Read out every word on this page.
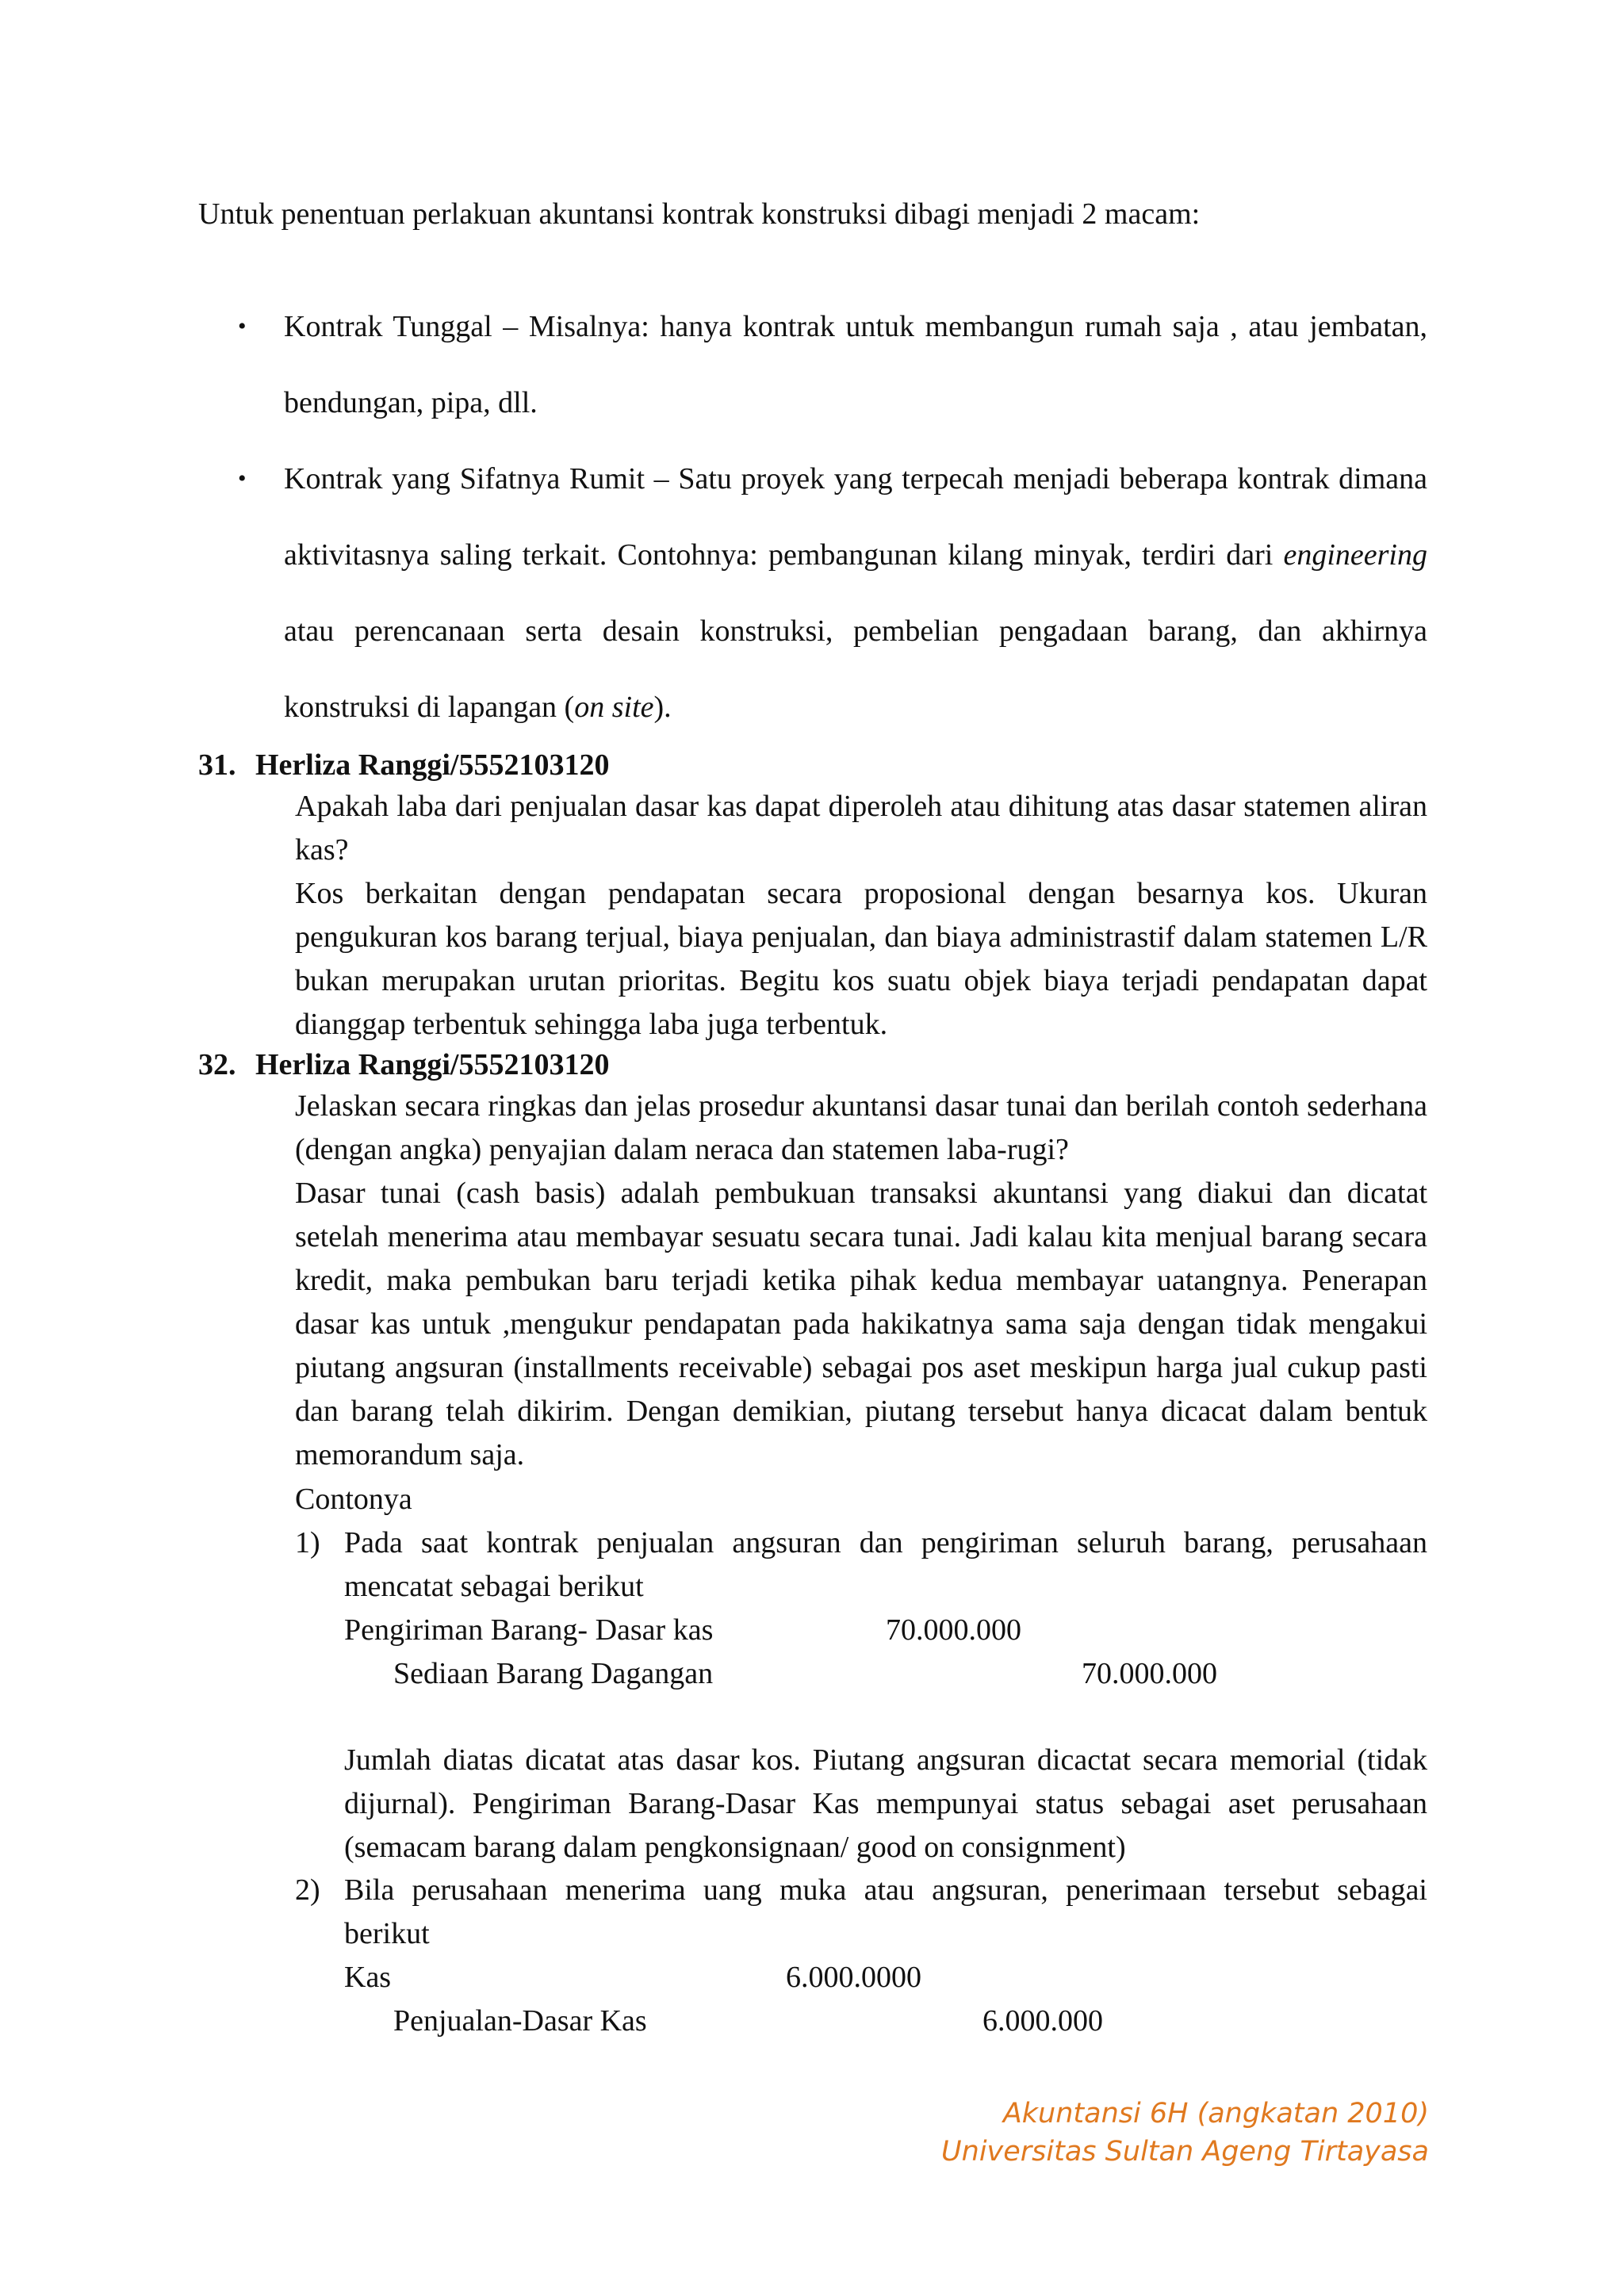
Untuk penentuan perlakuan akuntansi kontrak konstruksi dibagi menjadi 2 macam:
• Kontrak Tunggal – Misalnya: hanya kontrak untuk membangun rumah saja , atau jembatan, bendungan, pipa, dll.
• Kontrak yang Sifatnya Rumit – Satu proyek yang terpecah menjadi beberapa kontrak dimana aktivitasnya saling terkait. Contohnya: pembangunan kilang minyak, terdiri dari engineering atau perencanaan serta desain konstruksi, pembelian pengadaan barang, dan akhirnya konstruksi di lapangan (on site).
31. Herliza Ranggi/5552103120
Apakah laba dari penjualan dasar kas dapat diperoleh atau dihitung atas dasar statemen aliran kas?
Kos berkaitan dengan pendapatan secara proposional dengan besarnya kos. Ukuran pengukuran kos barang terjual, biaya penjualan, dan biaya administrastif dalam statemen L/R bukan merupakan urutan prioritas. Begitu kos suatu objek biaya terjadi pendapatan dapat dianggap terbentuk sehingga laba juga terbentuk.
32. Herliza Ranggi/5552103120
Jelaskan secara ringkas dan jelas prosedur akuntansi dasar tunai dan berilah contoh sederhana (dengan angka) penyajian dalam neraca dan statemen laba-rugi?
Dasar tunai (cash basis) adalah pembukuan transaksi akuntansi yang diakui dan dicatat setelah menerima atau membayar sesuatu secara tunai. Jadi kalau kita menjual barang secara kredit, maka pembukan baru terjadi ketika pihak kedua membayar uatangnya. Penerapan dasar kas untuk ,mengukur pendapatan pada hakikatnya sama saja dengan tidak mengakui piutang angsuran (installments receivable) sebagai pos aset meskipun harga jual cukup pasti dan barang telah dikirim. Dengan demikian, piutang tersebut hanya dicacat dalam bentuk memorandum saja.
Contonya
1) Pada saat kontrak penjualan angsuran dan pengiriman seluruh barang, perusahaan mencatat sebagai berikut
Pengiriman Barang- Dasar kas	70.000.000
Sediaan Barang Dagangan	70.000.000
Jumlah diatas dicatat atas dasar kos. Piutang angsuran dicactat secara memorial (tidak dijurnal). Pengiriman Barang-Dasar Kas mempunyai status sebagai aset perusahaan (semacam barang dalam pengkonsignaan/ good on consignment)
2) Bila perusahaan menerima uang muka atau angsuran, penerimaan tersebut sebagai berikut
Kas	6.000.0000
Penjualan-Dasar Kas	6.000.000
Akuntansi 6H (angkatan 2010)
Universitas Sultan Ageng Tirtayasa
